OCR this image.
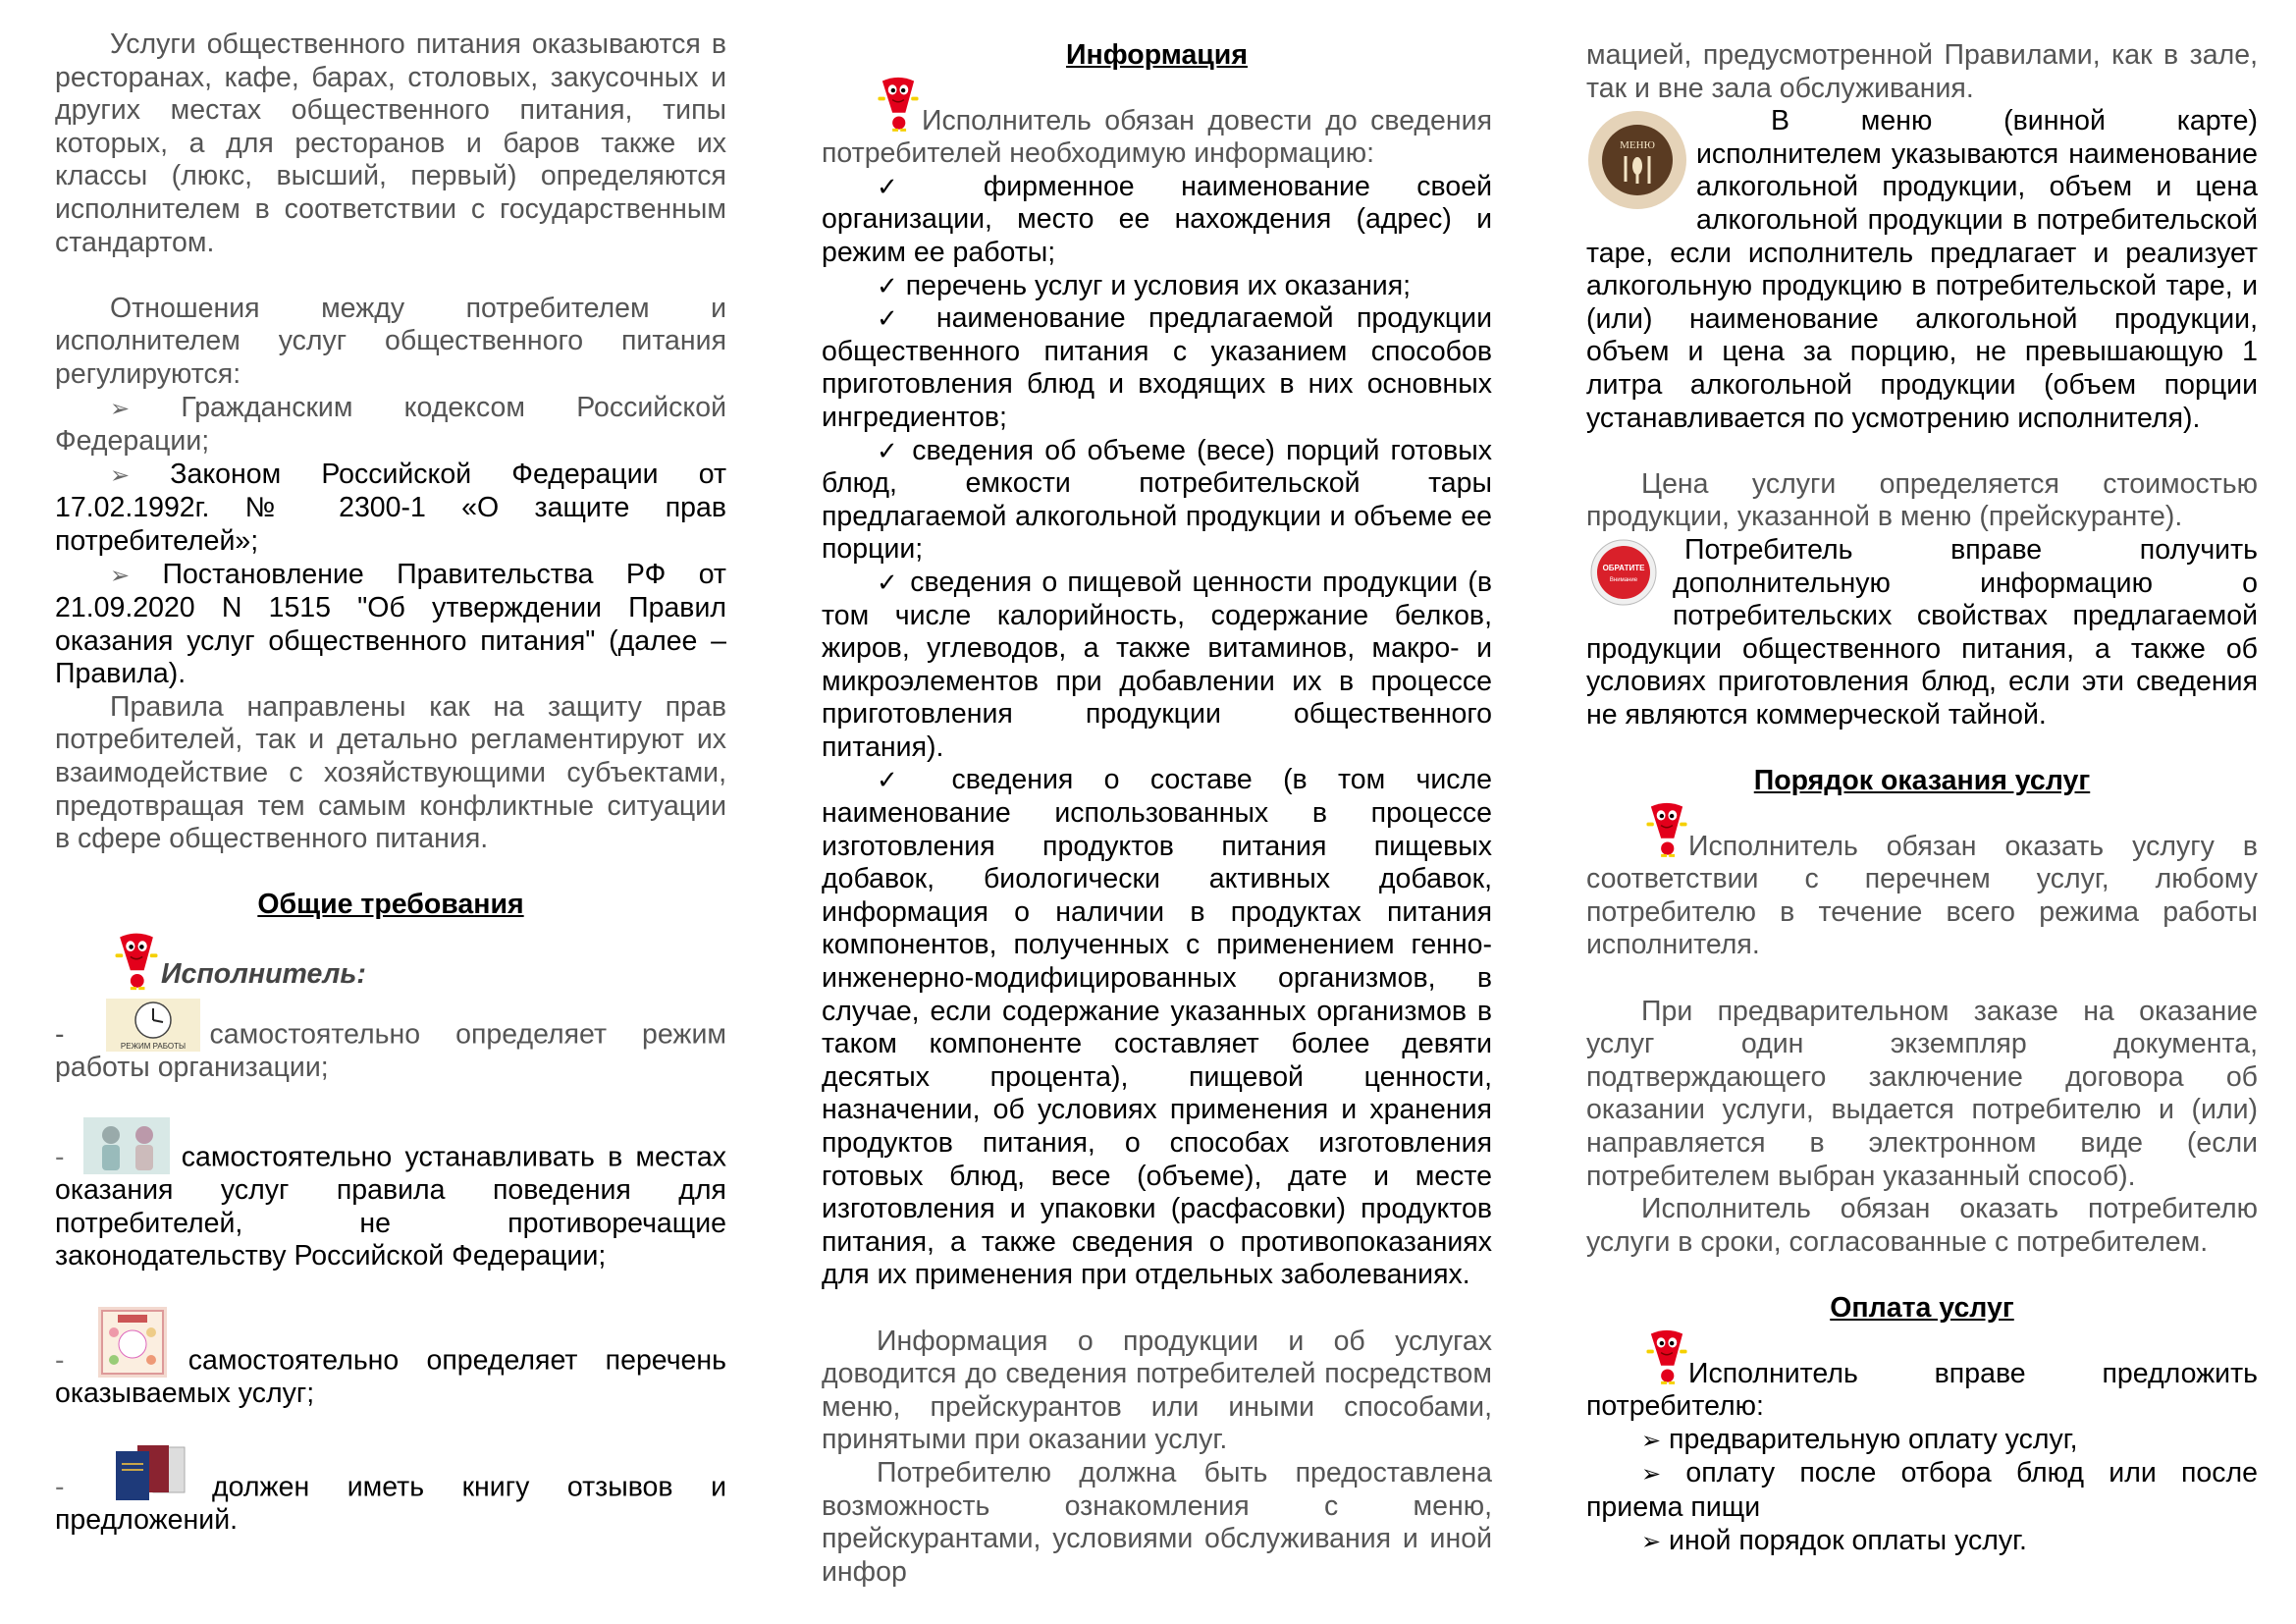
Услуги общественного питания оказываются в ресторанах, кафе, барах, столовых, закусочных и других местах общественного питания, типы которых, а для ресторанов и баров также их классы (люкс, высший, первый) определяются исполнителем в соответствии с государственным стандартом.

Отношения между потребителем и исполнителем услуг общественного питания регулируются:

➢ Гражданским кодексом Российской Федерации;

➢ Законом Российской Федерации от 17.02.1992г. № 2300-1 «О защите прав потребителей»;

➢ Постановление Правительства РФ от 21.09.2020 N 1515 "Об утверждении Правил оказания услуг общественного питания" (далее – Правила).

Правила направлены как на защиту прав потребителей, так и детально регламентируют их взаимодействие с хозяйствующими субъектами, предотвращая тем самым конфликтные ситуации в сфере общественного питания.

Общие требования

Исполнитель:

-	РЕЖИМ РАБОТЫ самостоятельно определяет режим работы организации;

-	самостоятельно устанавливать в местах оказания услуг правила поведения для потребителей, не противоречащие законодательству Российской Федерации;

-	самостоятельно определяет перечень оказываемых услуг;

-	должен иметь книгу отзывов и предложений.

Информация

Исполнитель обязан довести до сведения потребителей необходимую информацию:

✓ фирменное наименование своей организации, место ее нахождения (адрес) и режим ее работы;

✓ перечень услуг и условия их оказания;

✓ наименование предлагаемой продукции общественного питания с указанием способов приготовления блюд и входящих в них основных ингредиентов;

✓ сведения об объеме (весе) порций готовых блюд, емкости потребительской тары предлагаемой алкогольной продукции и объеме ее порции;

✓ сведения о пищевой ценности продукции (в том числе калорийность, содержание белков, жиров, углеводов, а также витаминов, макро- и микроэлементов при добавлении их в процессе приготовления продукции общественного питания).

✓ сведения о составе (в том числе наименование использованных в процессе изготовления продуктов питания пищевых добавок, биологически активных добавок, информация о наличии в продуктах питания компонентов, полученных с применением генно-инженерно-модифицированных организмов, в случае, если содержание указанных организмов в таком компоненте составляет более девяти десятых процента), пищевой ценности, назначении, об условиях применения и хранения продуктов питания, о способах изготовления готовых блюд, весе (объеме), дате и месте изготовления и упаковки (расфасовки) продуктов питания, а также сведения о противопоказаниях для их применения при отдельных заболеваниях.

Информация о продукции и об услугах доводится до сведения потребителей посредством меню, прейскурантов или иными способами, принятыми при оказании услуг.

Потребителю должна быть предоставлена возможность ознакомления с меню, прейскурантами, условиями обслуживания и иной инфор

мацией, предусмотренной Правилами, как в зале, так и вне зала обслуживания.

МЕНЮ

В меню (винной карте) исполнителем указываются наименование алкогольной продукции, объем и цена алкогольной продукции в потребительской таре, если исполнитель предлагает и реализует алкогольную продукцию в потребительской таре, и (или) наименование алкогольной продукции, объем и цена за порцию, не превышающую 1 литра алкогольной продукции (объем порции устанавливается по усмотрению исполнителя).

Цена услуги определяется стоимостью продукции, указанной в меню (прейскуранте).

ОБРАТИТЕ
Внимание

Потребитель вправе получить дополнительную информацию о потребительских свойствах предлагаемой продукции общественного питания, а также об условиях приготовления блюд, если эти сведения не являются коммерческой тайной.

Порядок оказания услуг

Исполнитель обязан оказать услугу в соответствии с перечнем услуг, любому потребителю в течение всего режима работы исполнителя.

При предварительном заказе на оказание услуг один экземпляр документа, подтверждающего заключение договора об оказании услуги, выдается потребителю и (или) направляется в электронном виде (если потребителем выбран указанный способ).

Исполнитель обязан оказать потребителю услуги в сроки, согласованные с потребителем.

Оплата услуг

Исполнитель вправе предложить потребителю:

➢ предварительную оплату услуг,

➢ оплату после отбора блюд или после приема пищи

➢ иной порядок оплаты услуг.
